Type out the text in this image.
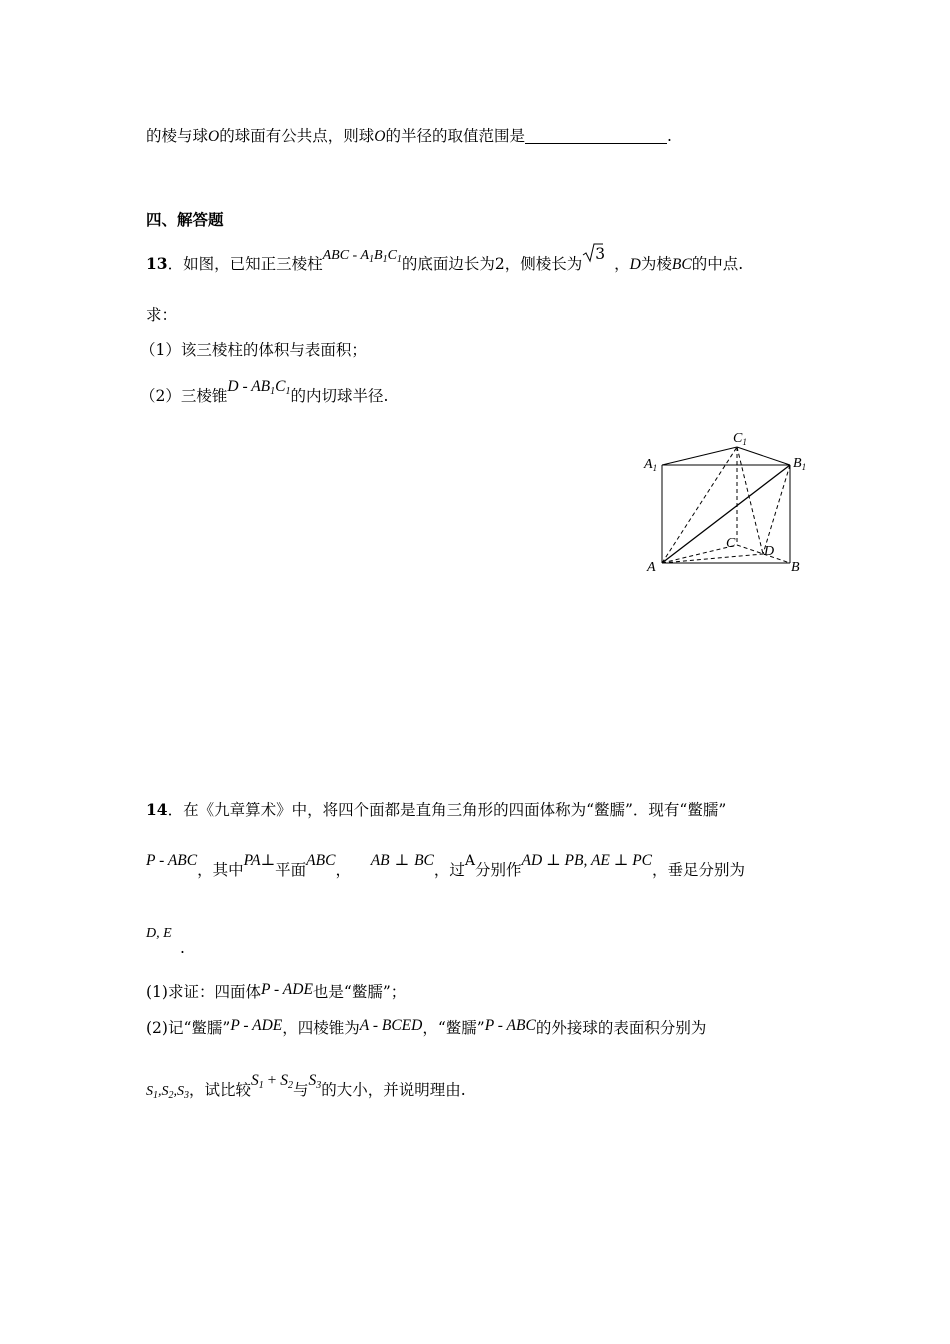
的棱与球O的球面有公共点，则球O的半径的取值范围是	.
四、解答题
13．如图，已知正三棱柱ABC - $A_1B_1C_1$的底面边长为2，侧棱长为3，D为棱BC的中点.
求：
（1）该三棱柱的体积与表面积；
（2）三棱锥D - $AB_1C_1$的内切球半径.
$A_1$	$B_1$
$C_1$
A	B
C
D
14．在《九章算术》中，将四个面都是直角三角形的四面体称为“鳖臑”．现有“鳖臑”
P - ABC，其中PA⊥平面ABC，    AB ⊥ BC，过A分别作AD ⊥ PB, AE ⊥ PC，垂足分别为
D, E
.
(1)求证：四面体P - ADE也是“鳖臑”；
(2)记“鳖臑”P - ADE，四棱锥为A - BCED，“鳖臑”P - ABC的外接球的表面积分别为
$S_1,S_2,S_3$，试比较$S_1 + S_2$与$S_3$的大小，并说明理由.
